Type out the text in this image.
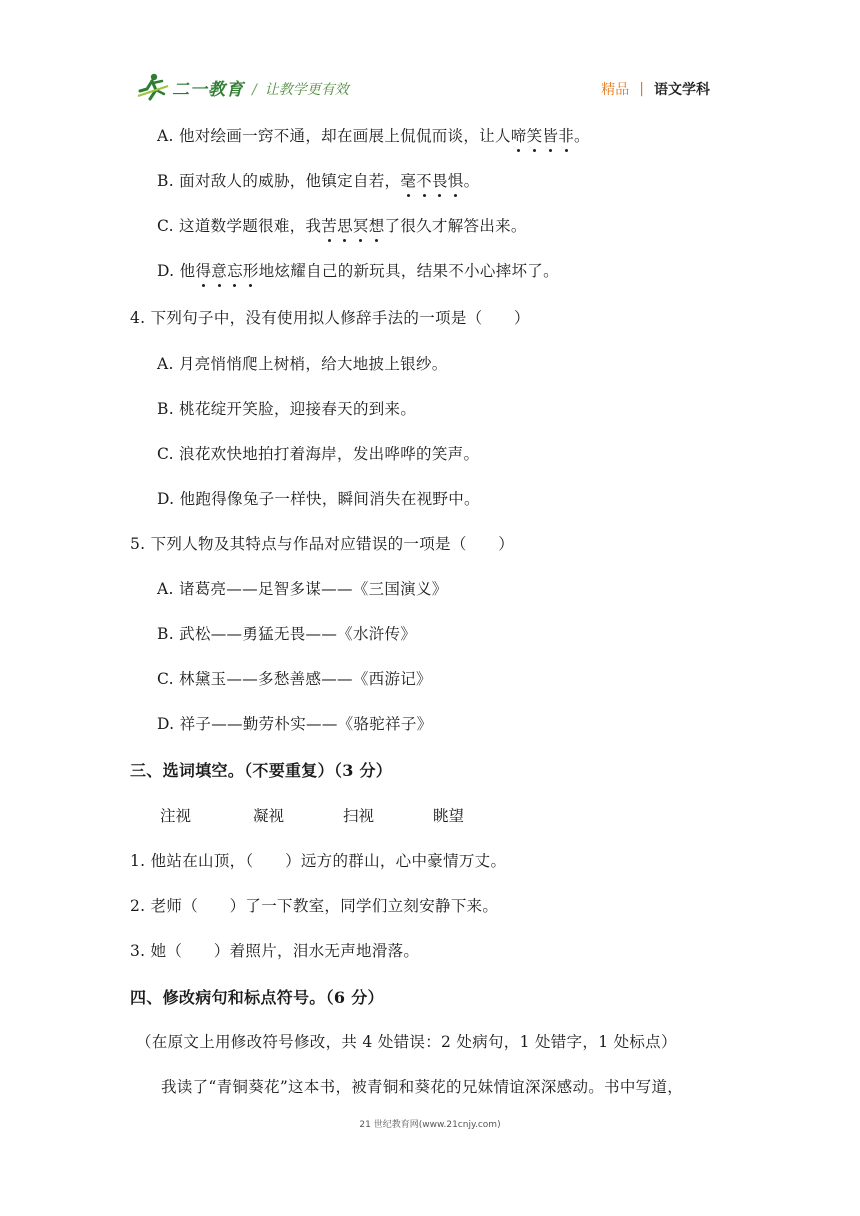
二一教育 / 让教学更有效	精品 | 语文学科
A. 他对绘画一窍不通，却在画展上侃侃而谈，让人啼笑皆非。
B. 面对敌人的威胁，他镇定自若，毫不畏惧。
C. 这道数学题很难，我苦思冥想了很久才解答出来。
D. 他得意忘形地炫耀自己的新玩具，结果不小心摔坏了。
4. 下列句子中，没有使用拟人修辞手法的一项是（　　）
A. 月亮悄悄爬上树梢，给大地披上银纱。
B. 桃花绽开笑脸，迎接春天的到来。
C. 浪花欢快地拍打着海岸，发出哗哗的笑声。
D. 他跑得像兔子一样快，瞬间消失在视野中。
5. 下列人物及其特点与作品对应错误的一项是（　　）
A. 诸葛亮——足智多谋——《三国演义》
B. 武松——勇猛无畏——《水浒传》
C. 林黛玉——多愁善感——《西游记》
D. 祥子——勤劳朴实——《骆驼祥子》
三、选词填空。（不要重复）（3 分）
注视	凝视	扫视	眺望
1. 他站在山顶，（　　）远方的群山，心中豪情万丈。
2. 老师（　　）了一下教室，同学们立刻安静下来。
3. 她（　　）着照片，泪水无声地滑落。
四、修改病句和标点符号。（6 分）
（在原文上用修改符号修改，共 4 处错误：2 处病句，1 处错字，1 处标点）
我读了“青铜葵花”这本书，被青铜和葵花的兄妹情谊深深感动。书中写道，
21 世纪教育网(www.21cnjy.com)
